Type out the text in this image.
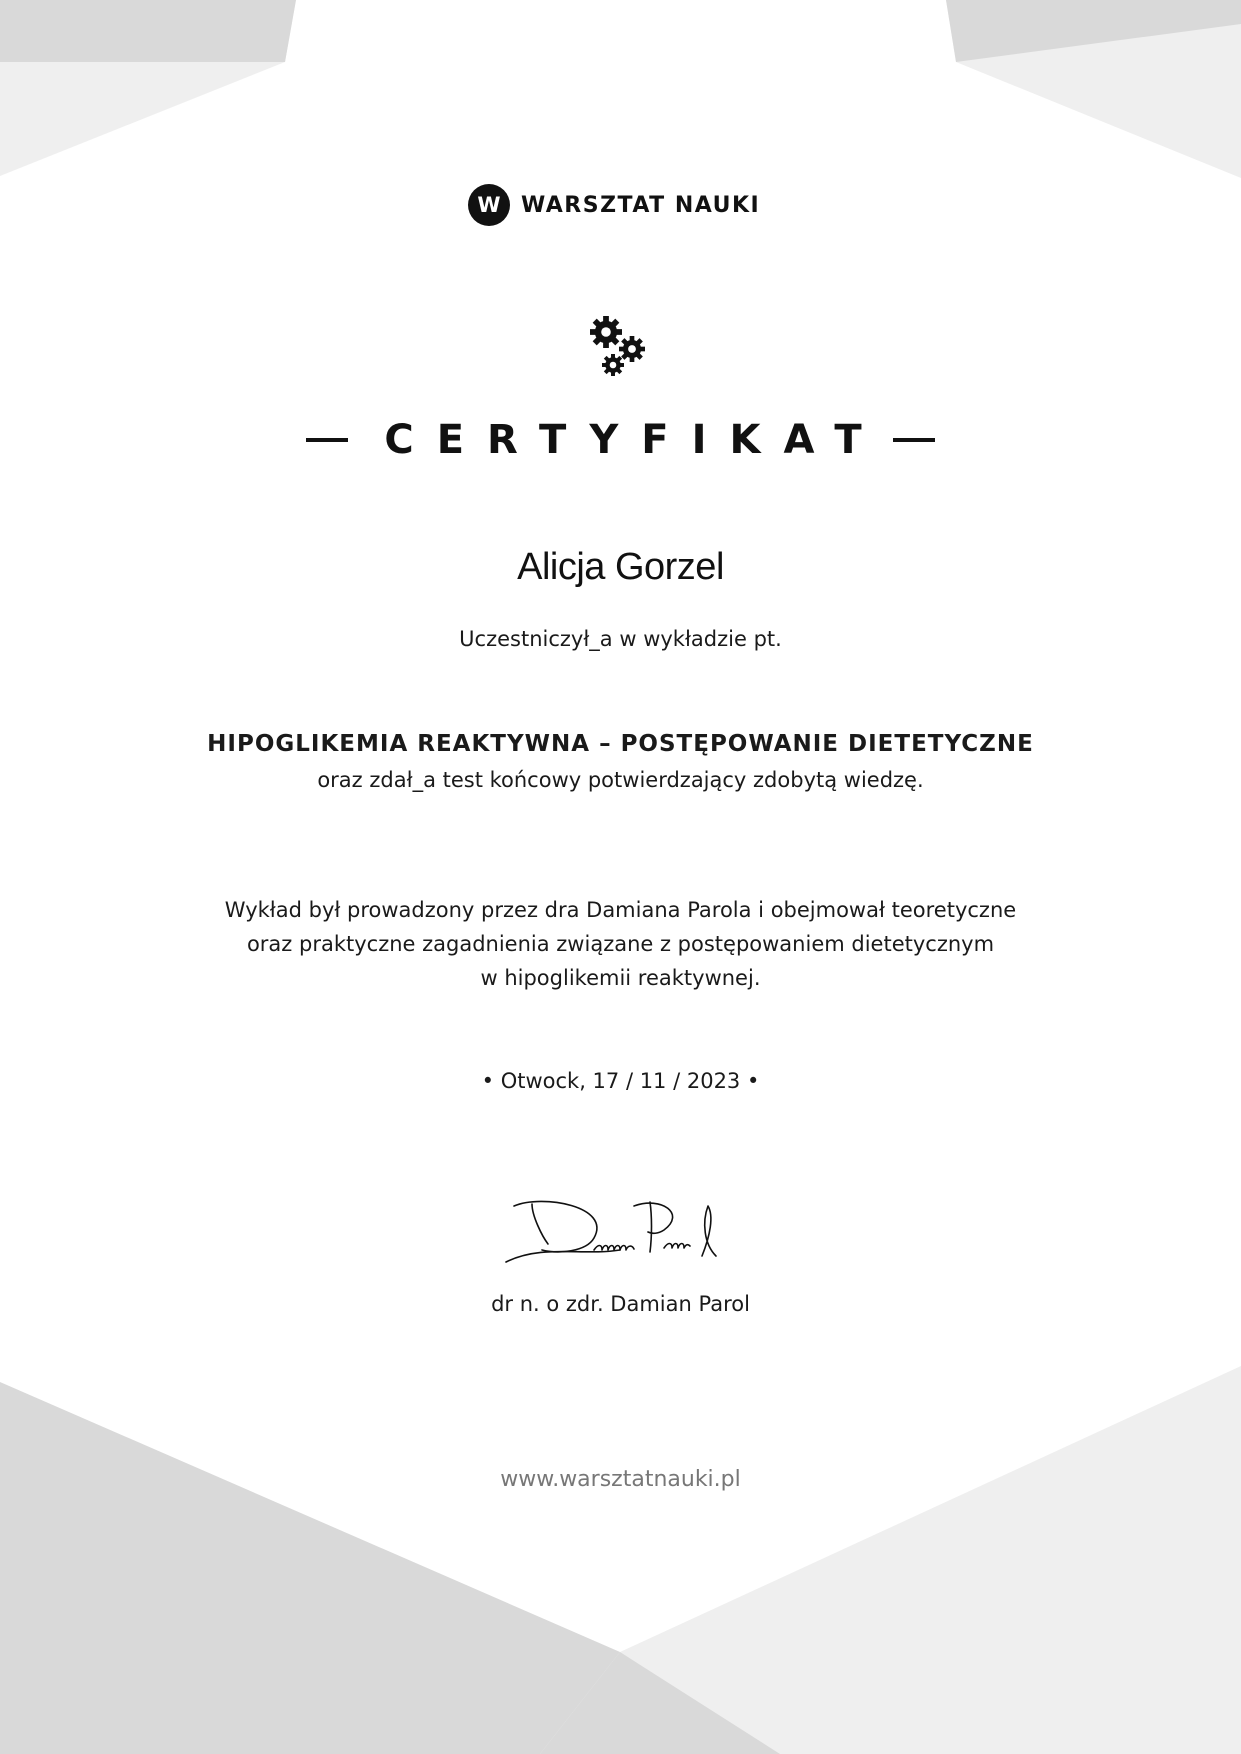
W WARSZTAT NAUKI
CERTYFIKAT
Alicja Gorzel
Uczestniczył_a w wykładzie pt.
HIPOGLIKEMIA REAKTYWNA – POSTĘPOWANIE DIETETYCZNE
oraz zdał_a test końcowy potwierdzający zdobytą wiedzę.
Wykład był prowadzony przez dra Damiana Parola i obejmował teoretyczne
oraz praktyczne zagadnienia związane z postępowaniem dietetycznym
w hipoglikemii reaktywnej.
• Otwock, 17 / 11 / 2023 •
dr n. o zdr. Damian Parol
www.warsztatnauki.pl
